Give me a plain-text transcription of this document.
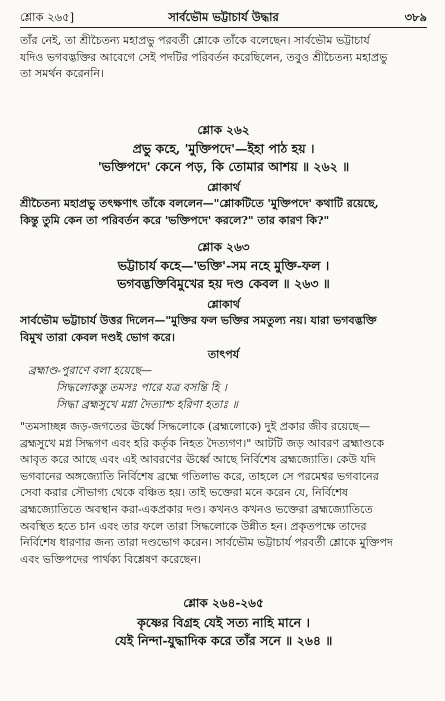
শ্লোক ২৬৫]	সার্বভৌম ভট্টাচার্য উদ্ধার	৩৮৯
তাঁর নেই, তা শ্রীচৈতন্য মহাপ্রভু পরবর্তী শ্লোকে তাঁকে বলেছেন। সার্বভৌম ভট্টাচার্য
যদিও ভগবদ্ভক্তির আবেগে সেই পদটির পরিবর্তন করেছিলেন, তবুও শ্রীচৈতন্য মহাপ্রভু
তা সমর্থন করেননি।
শ্লোক ২৬২
প্রভু কহে, 'মুক্তিপদে'—ইহা পাঠ হয় ।
'ভক্তিপদে' কেনে পড়, কি তোমার আশয় ॥ ২৬২ ॥
শ্লোকার্থ
শ্রীচৈতন্য মহাপ্রভু তৎক্ষণাৎ তাঁকে বললেন—"শ্লোকটিতে 'মুক্তিপদে' কথাটি রয়েছে,
কিন্তু তুমি কেন তা পরিবর্তন করে 'ভক্তিপদে' করলে?" তার কারণ কি?"
শ্লোক ২৬৩
ভট্টাচার্য কহে—'ভক্তি'-সম নহে মুক্তি-ফল ।
ভগবদ্ভক্তিবিমুখের হয় দণ্ড কেবল ॥ ২৬৩ ॥
শ্লোকার্থ
সার্বভৌম ভট্টাচার্য উত্তর দিলেন—"মুক্তির ফল ভক্তির সমতুল্য নয়। যারা ভগবদ্ভক্তি
বিমুখ তারা কেবল দণ্ডই ভোগ করে।
তাৎপর্য
ব্রহ্মাণ্ড-পুরাণে বলা হয়েছে—
সিদ্ধলোকস্তু তমসঃ পারে যত্র বসন্তি হি ।
সিদ্ধা ব্রহ্মসুখে মগ্না দৈত্যাশ্চ হরিণা হতাঃ ॥
"তমসাচ্ছন্ন জড়-জগতের ঊর্ধ্বে সিদ্ধলোকে (ব্রহ্মলোকে) দুই প্রকার জীব রয়েছে—
ব্রহ্মসুখে মগ্ন সিদ্ধগণ এবং হরি কর্তৃক নিহত দৈত্যগণ।" আটটি জড় আবরণ ব্রহ্মাণ্ডকে
আবৃত করে আছে এবং এই আবরণের ঊর্ধ্বে আছে নির্বিশেষ ব্রহ্মজ্যোতি। কেউ যদি
ভগবানের অঙ্গজ্যোতি নির্বিশেষ ব্রহ্মে গতিলাভ করে, তাহলে সে পরমেশ্বর ভগবানের
সেবা করার সৌভাগ্য থেকে বঞ্চিত হয়। তাই ভক্তেরা মনে করেন যে, নির্বিশেষ
ব্রহ্মজ্যোতিতে অবস্থান করা-একপ্রকার দণ্ড। কখনও কখনও ভক্তেরা ব্রহ্মজ্যোতিতে
অবস্থিত হতে চান এবং তার ফলে তারা সিদ্ধলোকে উন্নীত হন। প্রকৃতপক্ষে তাদের
নির্বিশেষ ধারণার জন্য তারা দণ্ডভোগ করেন। সার্বভৌম ভট্টাচার্য পরবর্তী শ্লোকে মুক্তিপদ
এবং ভক্তিপদের পার্থক্য বিশ্লেষণ করেছেন।
শ্লোক ২৬৪-২৬৫
কৃষ্ণের বিগ্রহ যেই সত্য নাহি মানে ।
যেই নিন্দা-যুদ্ধাদিক করে তাঁর সনে ॥ ২৬৪ ॥
